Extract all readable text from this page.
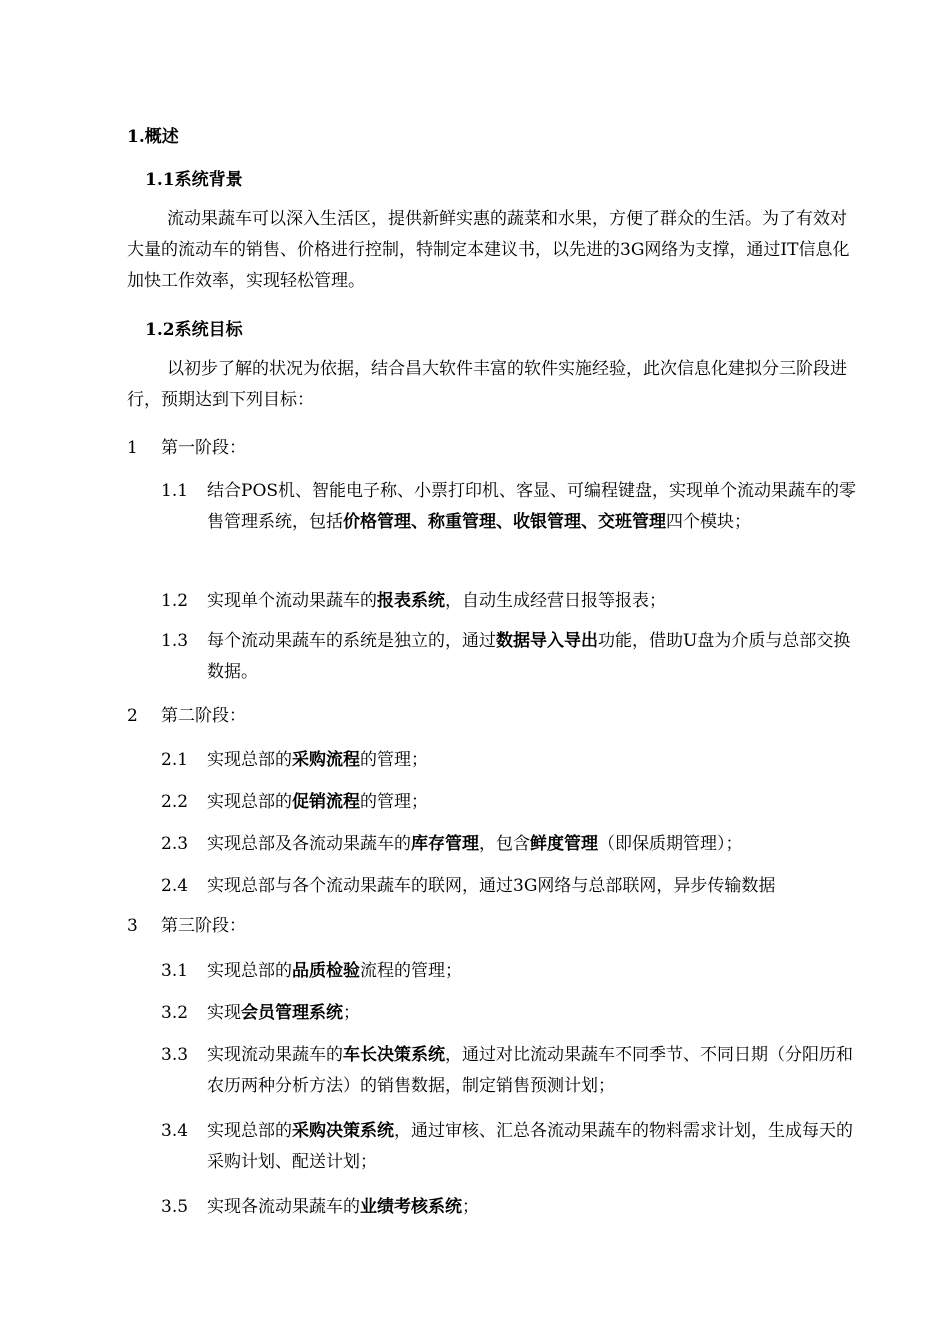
1.概述
1.1系统背景
流动果蔬车可以深入生活区，提供新鲜实惠的蔬菜和水果，方便了群众的生活。为了有效对大量的流动车的销售、价格进行控制，特制定本建议书，以先进的3G网络为支撑，通过IT信息化加快工作效率，实现轻松管理。
1.2系统目标
以初步了解的状况为依据，结合昌大软件丰富的软件实施经验，此次信息化建拟分三阶段进行，预期达到下列目标：
1 第一阶段：
1.1	结合POS机、智能电子称、小票打印机、客显、可编程键盘，实现单个流动果蔬车的零售管理系统，包括价格管理、称重管理、收银管理、交班管理四个模块；
1.2	实现单个流动果蔬车的报表系统，自动生成经营日报等报表；
1.3	每个流动果蔬车的系统是独立的，通过数据导入导出功能，借助U盘为介质与总部交换数据。
2 第二阶段：
2.1	实现总部的采购流程的管理；
2.2	实现总部的促销流程的管理；
2.3	实现总部及各流动果蔬车的库存管理，包含鲜度管理（即保质期管理）；
2.4	实现总部与各个流动果蔬车的联网，通过3G网络与总部联网，异步传输数据
3 第三阶段：
3.1	实现总部的品质检验流程的管理；
3.2	实现会员管理系统；
3.3	实现流动果蔬车的车长决策系统，通过对比流动果蔬车不同季节、不同日期（分阳历和农历两种分析方法）的销售数据，制定销售预测计划；
3.4	实现总部的采购决策系统，通过审核、汇总各流动果蔬车的物料需求计划，生成每天的采购计划、配送计划；
3.5	实现各流动果蔬车的业绩考核系统；
